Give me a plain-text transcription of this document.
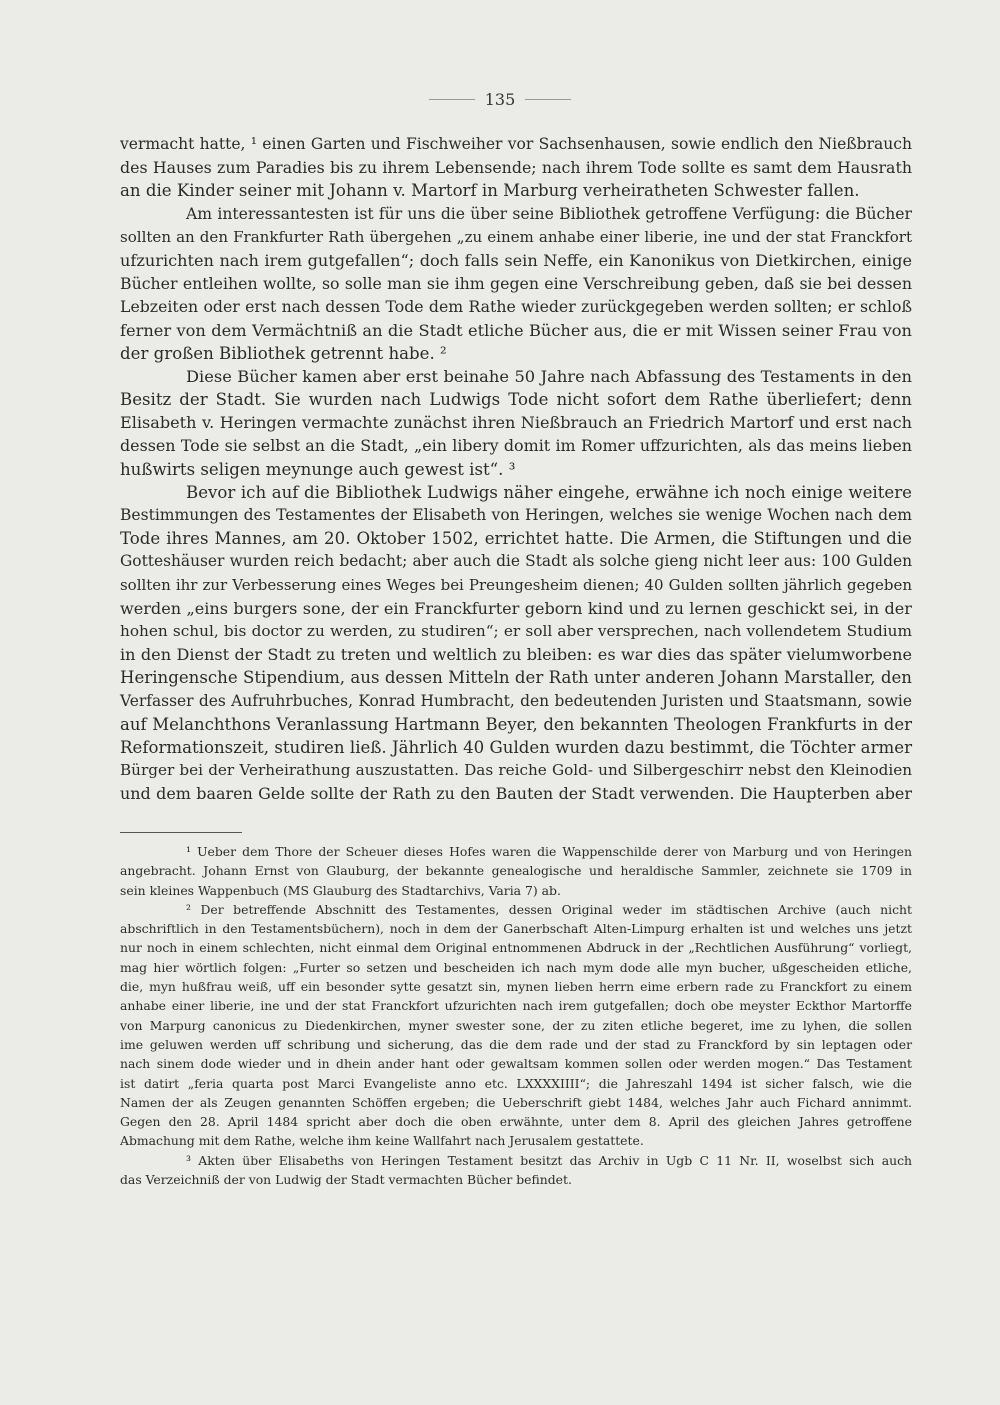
135
vermacht hatte, ¹ einen Garten und Fischweiher vor Sachsenhausen, sowie endlich den Nießbrauch
des Hauses zum Paradies bis zu ihrem Lebensende; nach ihrem Tode sollte es samt dem Hausrath
an die Kinder seiner mit Johann v. Martorf in Marburg verheiratheten Schwester fallen.
Am interessantesten ist für uns die über seine Bibliothek getroffene Verfügung: die Bücher
sollten an den Frankfurter Rath übergehen „zu einem anhabe einer liberie, ine und der stat Franckfort
ufzurichten nach irem gutgefallen“; doch falls sein Neffe, ein Kanonikus von Dietkirchen, einige
Bücher entleihen wollte, so solle man sie ihm gegen eine Verschreibung geben, daß sie bei dessen
Lebzeiten oder erst nach dessen Tode dem Rathe wieder zurückgegeben werden sollten; er schloß
ferner von dem Vermächtniß an die Stadt etliche Bücher aus, die er mit Wissen seiner Frau von
der großen Bibliothek getrennt habe. ²
Diese Bücher kamen aber erst beinahe 50 Jahre nach Abfassung des Testaments in den
Besitz der Stadt. Sie wurden nach Ludwigs Tode nicht sofort dem Rathe überliefert; denn
Elisabeth v. Heringen vermachte zunächst ihren Nießbrauch an Friedrich Martorf und erst nach
dessen Tode sie selbst an die Stadt, „ein libery domit im Romer uffzurichten, als das meins lieben
hußwirts seligen meynunge auch gewest ist“. ³
Bevor ich auf die Bibliothek Ludwigs näher eingehe, erwähne ich noch einige weitere
Bestimmungen des Testamentes der Elisabeth von Heringen, welches sie wenige Wochen nach dem
Tode ihres Mannes, am 20. Oktober 1502, errichtet hatte. Die Armen, die Stiftungen und die
Gotteshäuser wurden reich bedacht; aber auch die Stadt als solche gieng nicht leer aus: 100 Gulden
sollten ihr zur Verbesserung eines Weges bei Preungesheim dienen; 40 Gulden sollten jährlich gegeben
werden „eins burgers sone, der ein Franckfurter geborn kind und zu lernen geschickt sei, in der
hohen schul, bis doctor zu werden, zu studiren“; er soll aber versprechen, nach vollendetem Studium
in den Dienst der Stadt zu treten und weltlich zu bleiben: es war dies das später vielumworbene
Heringensche Stipendium, aus dessen Mitteln der Rath unter anderen Johann Marstaller, den
Verfasser des Aufruhrbuches, Konrad Humbracht, den bedeutenden Juristen und Staatsmann, sowie
auf Melanchthons Veranlassung Hartmann Beyer, den bekannten Theologen Frankfurts in der
Reformationszeit, studiren ließ. Jährlich 40 Gulden wurden dazu bestimmt, die Töchter armer
Bürger bei der Verheirathung auszustatten. Das reiche Gold- und Silbergeschirr nebst den Kleinodien
und dem baaren Gelde sollte der Rath zu den Bauten der Stadt verwenden. Die Haupterben aber
¹ Ueber dem Thore der Scheuer dieses Hofes waren die Wappenschilde derer von Marburg und von Heringen
angebracht. Johann Ernst von Glauburg, der bekannte genealogische und heraldische Sammler, zeichnete sie 1709 in
sein kleines Wappenbuch (MS Glauburg des Stadtarchivs, Varia 7) ab.
² Der betreffende Abschnitt des Testamentes, dessen Original weder im städtischen Archive (auch nicht
abschriftlich in den Testamentsbüchern), noch in dem der Ganerbschaft Alten-Limpurg erhalten ist und welches uns jetzt
nur noch in einem schlechten, nicht einmal dem Original entnommenen Abdruck in der „Rechtlichen Ausführung“ vorliegt,
mag hier wörtlich folgen: „Furter so setzen und bescheiden ich nach mym dode alle myn bucher, ußgescheiden etliche,
die, myn hußfrau weiß, uff ein besonder sytte gesatzt sin, mynen lieben herrn eime erbern rade zu Franckfort zu einem
anhabe einer liberie, ine und der stat Franckfort ufzurichten nach irem gutgefallen; doch obe meyster Eckthor Martorffe
von Marpurg canonicus zu Diedenkirchen, myner swester sone, der zu ziten etliche begeret, ime zu lyhen, die sollen
ime geluwen werden uff schribung und sicherung, das die dem rade und der stad zu Franckford by sin leptagen oder
nach sinem dode wieder und in dhein ander hant oder gewaltsam kommen sollen oder werden mogen.“ Das Testament
ist datirt „feria quarta post Marci Evangeliste anno etc. LXXXXIIII“; die Jahreszahl 1494 ist sicher falsch, wie die
Namen der als Zeugen genannten Schöffen ergeben; die Ueberschrift giebt 1484, welches Jahr auch Fichard annimmt.
Gegen den 28. April 1484 spricht aber doch die oben erwähnte, unter dem 8. April des gleichen Jahres getroffene
Abmachung mit dem Rathe, welche ihm keine Wallfahrt nach Jerusalem gestattete.
³ Akten über Elisabeths von Heringen Testament besitzt das Archiv in Ugb C 11 Nr. II, woselbst sich auch
das Verzeichniß der von Ludwig der Stadt vermachten Bücher befindet.
